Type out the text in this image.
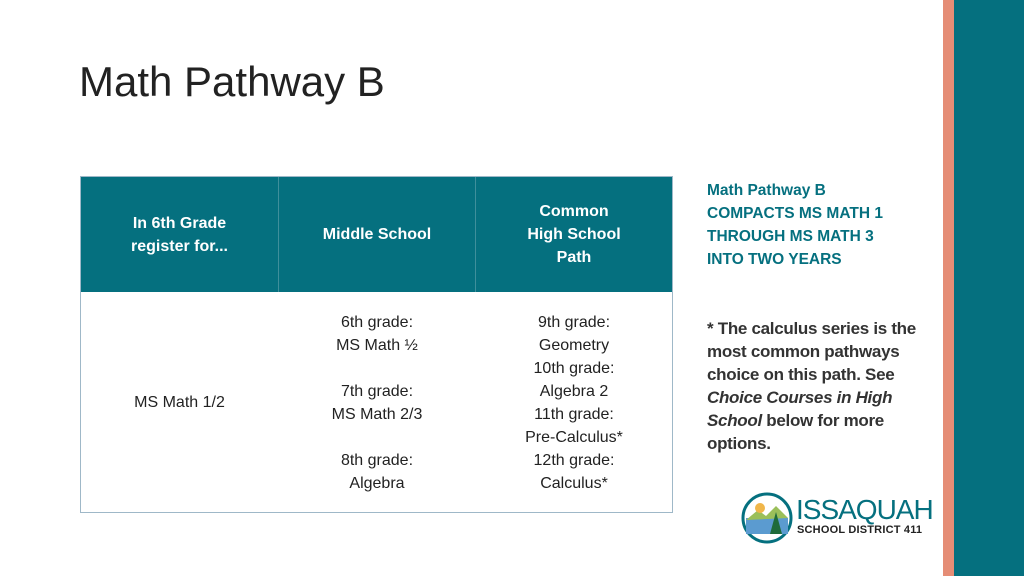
Math Pathway B
In 6th Grade
register for...
Middle School
Common
High School
Path
MS Math 1/2
6th grade:
MS Math ½

7th grade:
MS Math 2/3

8th grade:
Algebra
9th grade:
Geometry
10th grade:
Algebra 2
11th grade:
Pre-Calculus*
12th grade:
Calculus*
Math Pathway B
COMPACTS MS MATH 1
THROUGH MS MATH 3
INTO TWO YEARS
* The calculus series is the most common pathways choice on this path. See Choice Courses in High School below for more options.
ISSAQUAH
SCHOOL DISTRICT 411
